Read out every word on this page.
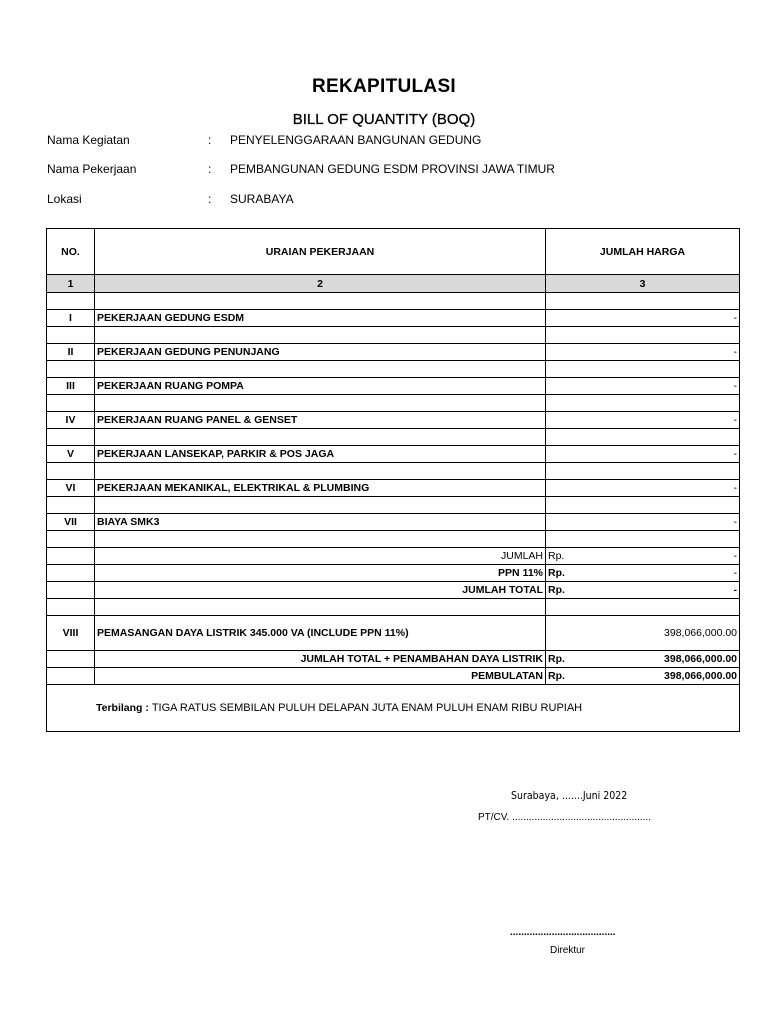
REKAPITULASI
BILL OF QUANTITY (BOQ)
Nama Kegiatan	: PENYELENGGARAAN BANGUNAN GEDUNG
Nama Pekerjaan	: PEMBANGUNAN GEDUNG ESDM PROVINSI JAWA TIMUR
Lokasi	: SURABAYA
NO.	URAIAN PEKERJAAN	JUMLAH HARGA	
1	2	3	

I	PEKERJAAN GEDUNG ESDM	-	

II	PEKERJAAN GEDUNG PENUNJANG	-	

III	PEKERJAAN RUANG POMPA	-	

IV	PEKERJAAN RUANG PANEL & GENSET	-	

V	PEKERJAAN LANSEKAP, PARKIR & POS JAGA	-	

VI	PEKERJAAN MEKANIKAL, ELEKTRIKAL & PLUMBING	-	

VII	BIAYA SMK3	-	

	JUMLAH	Rp.	-
	PPN 11%	Rp.	-
	JUMLAH TOTAL	Rp.	-

VIII	PEMASANGAN DAYA LISTRIK 345.000 VA (INCLUDE PPN 11%)	398,066,000.00	
	JUMLAH TOTAL + PENAMBAHAN DAYA LISTRIK	Rp.	398,066,000.00
	PEMBULATAN	Rp.	398,066,000.00
Terbilang : TIGA RATUS SEMBILAN PULUH DELAPAN JUTA ENAM PULUH ENAM RIBU RUPIAH			
Surabaya, .......Juni 2022
PT/CV. ..................................................
......................................
Direktur
